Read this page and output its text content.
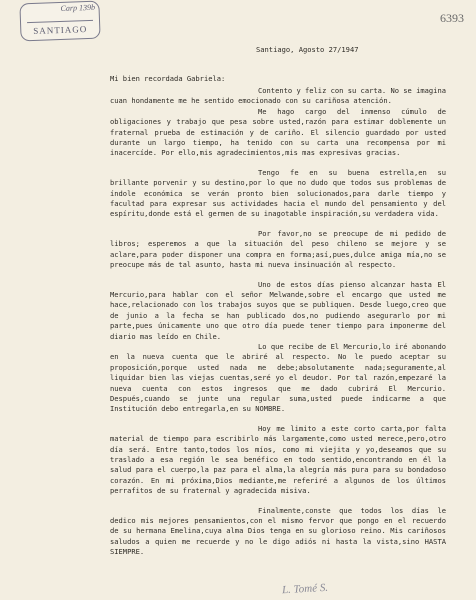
Carp 139b
SANTIAGO
6393
Santiago, Agosto 27/1947
Mi bien recordada Gabriela:

Contento y feliz con su carta. No se imagina cuan hondamente me he sentido emocionado con su cariñosa atención.

Me hago cargo del inmenso cúmulo de obligaciones y trabajo que pesa sobre usted,razón para estimar doblemente un fraternal prueba de estimación y de cariño. El silencio guardado por usted durante un largo tiempo, ha tenido con su carta una recompensa por mi inacercíde. Por ello,mis agradecimientos,mis mas expresivas gracias.

Tengo fe en su buena estrella,en su brillante porvenir y su destino,por lo que no dudo que todos sus problemas de índole económica se verán pronto bien solucionados,para darle tiempo y facultad para expresar sus actividades hacia el mundo del pensamiento y del espíritu,donde está el germen de su inagotable inspiración,su verdadera vida.

Por favor,no se preocupe de mi pedido de libros; esperemos a que la situación del peso chileno se mejore y se aclare,para poder disponer una compra en forma;así,pues,dulce amiga mía,no se preocupe más de tal asunto, hasta mi nueva insinuación al respecto.

Uno de estos días pienso alcanzar hasta El Mercurio,para hablar con el señor Melwande,sobre el encargo que usted me hace,relacionado con los trabajos suyos que se publiquen. Desde luego,creo que de junio a la fecha se han publicado dos,no pudiendo asegurarlo por mi parte,pues únicamente uno que otro día puede tener tiempo para imponerme del diario mas leído en Chile.

Lo que recibe de El Mercurio,lo iré abonando en la nueva cuenta que le abriré al respecto. No le puedo aceptar su proposición,porque usted nada me debe;absolutamente nada;seguramente,al liquidar bien las viejas cuentas,seré yo el deudor. Por tal razón,empezaré la nueva cuenta con estos ingresos que me dado cubrirá El Mercurio. Después,cuando se junte una regular suma,usted puede indicarme a que Institución debo entregarla,en su NOMBRE.

Hoy me limito a este corto carta,por falta material de tiempo para escribirlo más largamente,como usted merece,pero,otro día será. Entre tanto,todos los míos, como mi viejita y yo,deseamos que su traslado a esa región le sea benéfico en todo sentido,encontrando en él la salud para el cuerpo,la paz para el alma,la alegría más pura para su bondadoso corazón. En mi próxima,Dios mediante,me referiré a algunos de los últimos perrafitos de su fraternal y agradecida misiva.

Finalmente,conste que todos los días le dedico mis mejores pensamientos,con el mismo fervor que pongo en el recuerdo de su hermana Emelina,cuya alma Dios tenga en su glorioso reino. Mis cariñosos saludos a quien me recuerde y no le digo adiós ni hasta la vista,sino HASTA SIEMPRE.

L. Tomé S.
